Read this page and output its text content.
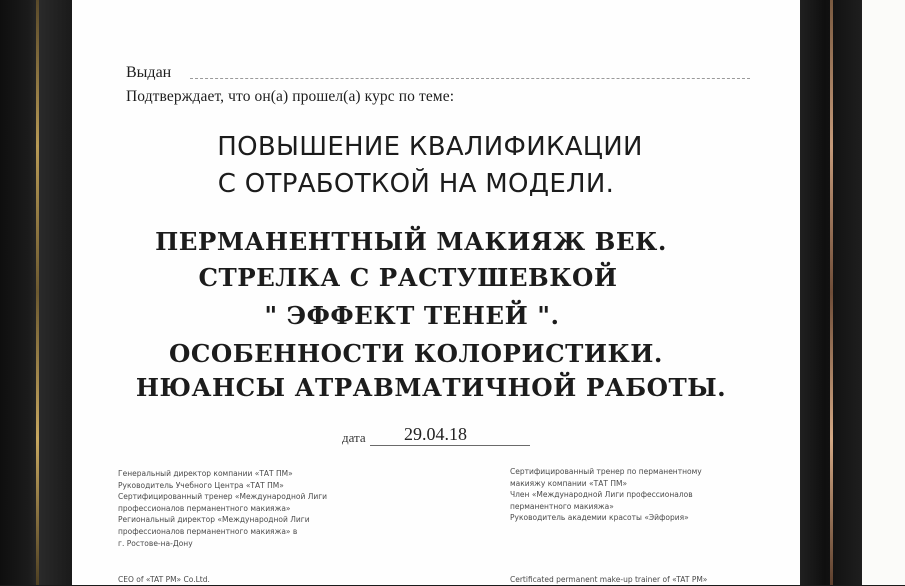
Выдан
Подтверждает, что он(а) прошел(а) курс по теме:
ПОВЫШЕНИЕ КВАЛИФИКАЦИИ
С ОТРАБОТКОЙ НА МОДЕЛИ.
ПЕРМАНЕНТНЫЙ МАКИЯЖ ВЕК.
СТРЕЛКА С РАСТУШЕВКОЙ
" ЭФФЕКТ ТЕНЕЙ ".
ОСОБЕННОСТИ КОЛОРИСТИКИ.
НЮАНСЫ АТРАВМАТИЧНОЙ РАБОТЫ.
дата 29.04.18
Генеральный директор компании «ТАТ ПМ»
Руководитель Учебного Центра «ТАТ ПМ»
Сертифицированный тренер «Международной Лиги
профессионалов перманентного макияжа»
Региональный директор «Международной Лиги
профессионалов перманентного макияжа» в
г. Ростове-на-Дону
Сертифицированный тренер по перманентному
макияжу компании «ТАТ ПМ»
Член «Международной Лиги профессионалов
перманентного макияжа»
Руководитель академии красоты «Эйфория»
CEO of «TAT PM» Co.Ltd.	Certificated permanent make-up trainer of «TAT PM»
